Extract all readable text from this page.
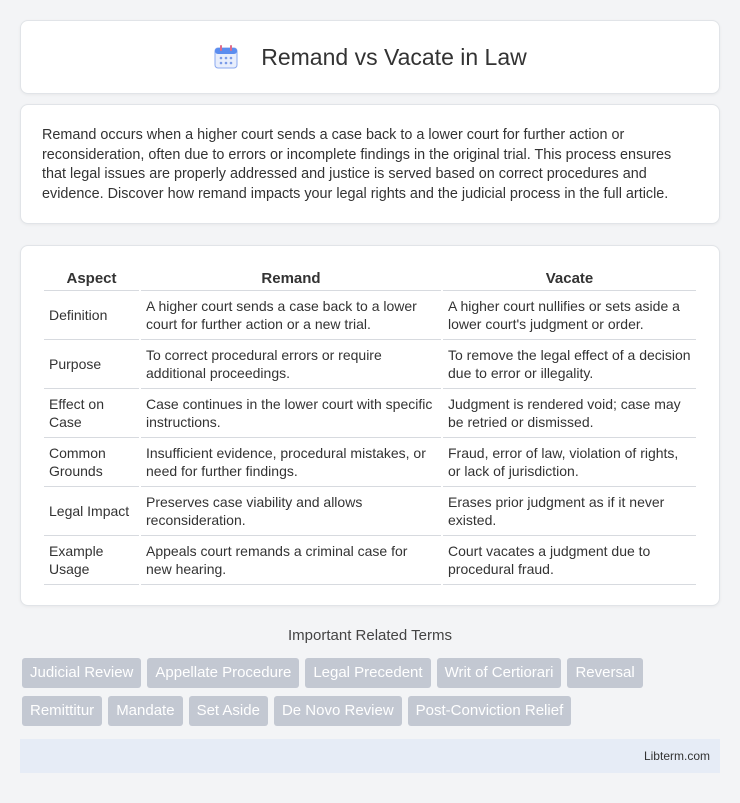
Remand vs Vacate in Law

Remand occurs when a higher court sends a case back to a lower court for further action or reconsideration, often due to errors or incomplete findings in the original trial. This process ensures that legal issues are properly addressed and justice is served based on correct procedures and evidence. Discover how remand impacts your legal rights and the judicial process in the full article.

Aspect	Remand	Vacate
Definition	A higher court sends a case back to a lower court for further action or a new trial.	A higher court nullifies or sets aside a lower court's judgment or order.
Purpose	To correct procedural errors or require additional proceedings.	To remove the legal effect of a decision due to error or illegality.
Effect on Case	Case continues in the lower court with specific instructions.	Judgment is rendered void; case may be retried or dismissed.
Common Grounds	Insufficient evidence, procedural mistakes, or need for further findings.	Fraud, error of law, violation of rights, or lack of jurisdiction.
Legal Impact	Preserves case viability and allows reconsideration.	Erases prior judgment as if it never existed.
Example Usage	Appeals court remands a criminal case for new hearing.	Court vacates a judgment due to procedural fraud.
Important Related Terms
Judicial Review	Appellate Procedure	Legal Precedent	Writ of Certiorari	Reversal
Remittitur	Mandate	Set Aside	De Novo Review	Post-Conviction Relief
Libterm.com
